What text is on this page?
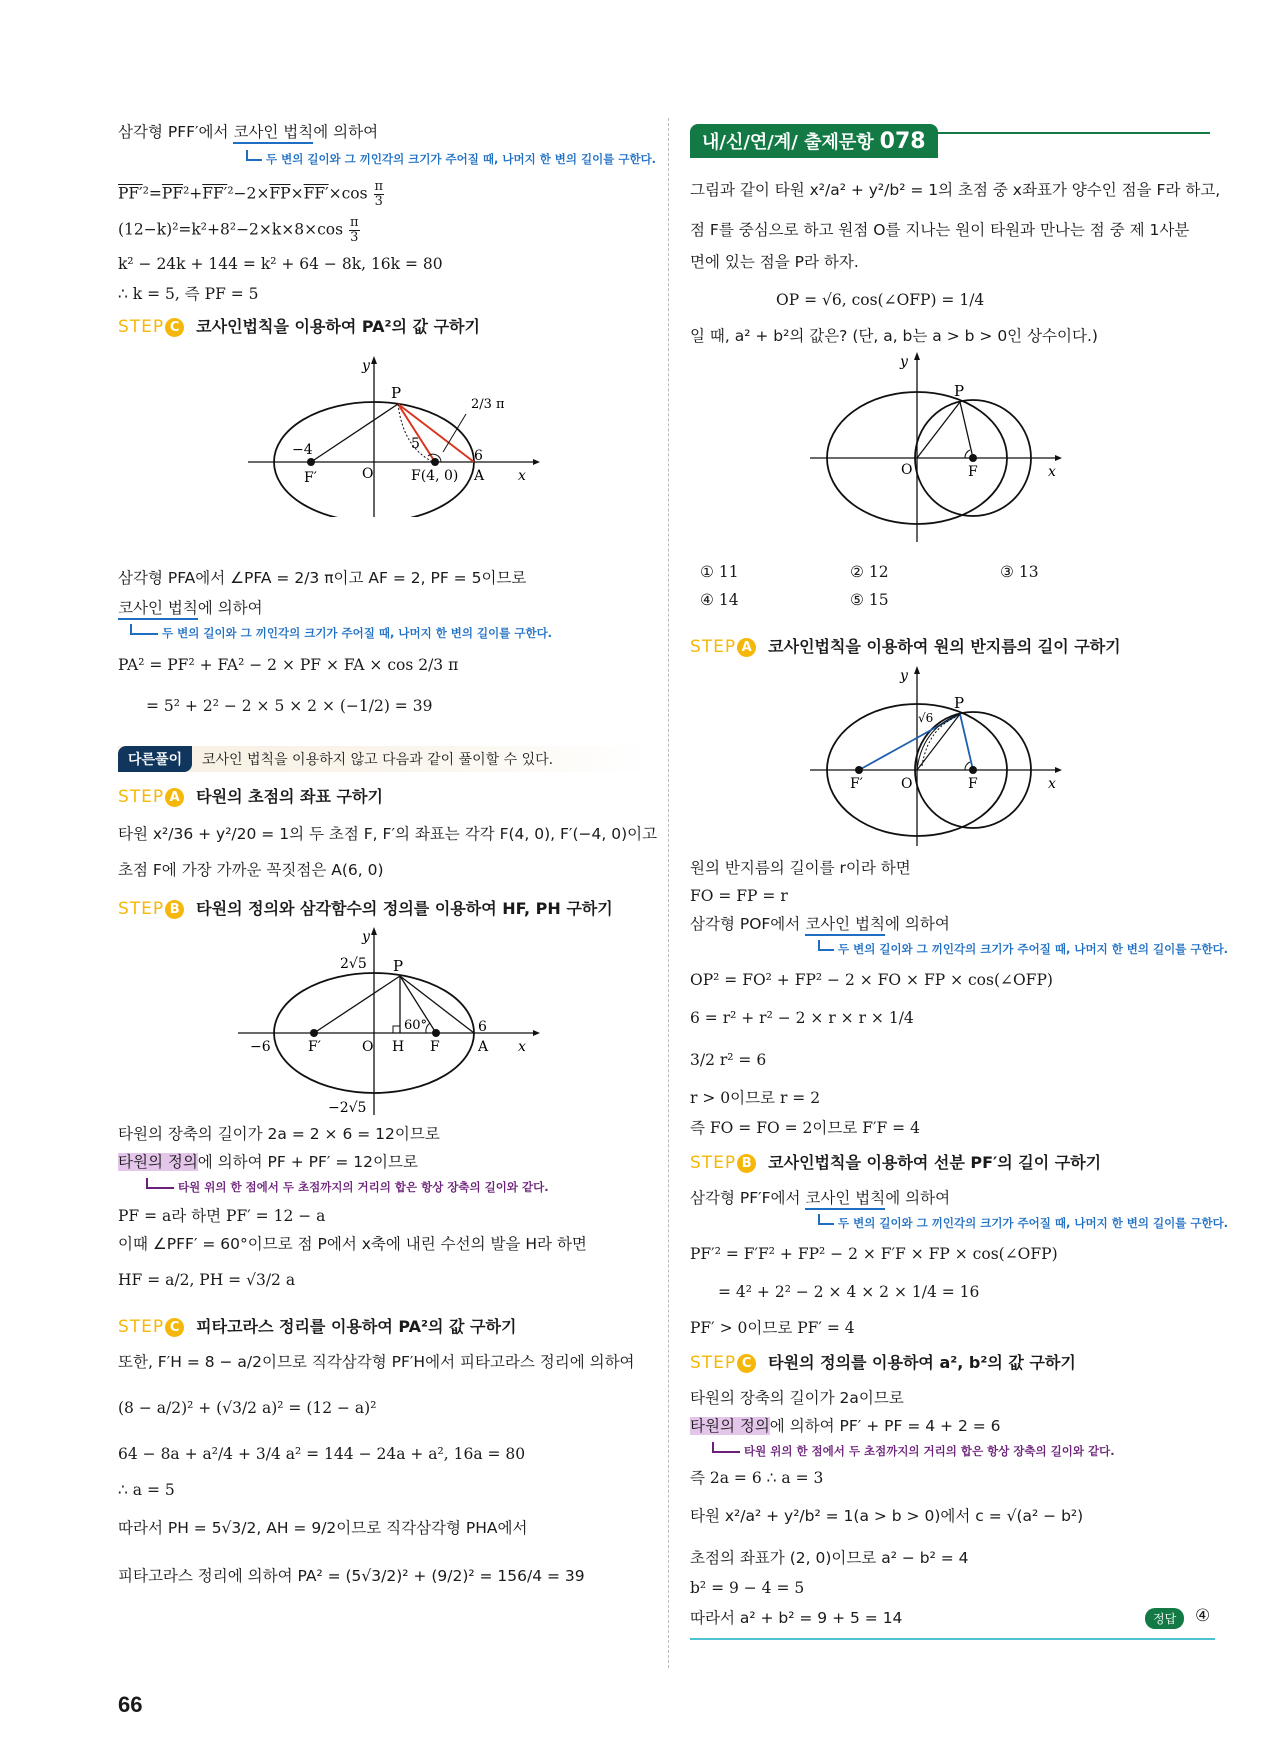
삼각형 PFF′에서 코사인 법칙에 의하여
두 변의 길이와 그 끼인각의 크기가 주어질 때, 나머지 한 변의 길이를 구한다.
$PF'^2=\overline{PF}^2+FF'^2-2\times\overline{FP}\times FF'\times\cos \frac{\pi}{3}$
$(12-k)^2=k^2+8^2-2\times k\times 8\times\cos \frac{\pi}{3}$
k² − 24k + 144 = k² + 64 − 8k, 16k = 80
∴ k = 5, 즉 PF = 5
STEP C 코사인법칙을 이용하여 PA²의 값 구하기
y
P
2/3 π
5
−4	6
F′	O	F(4, 0) A x
삼각형 PFA에서 ∠PFA = 2/3 π이고 AF = 2, PF = 5이므로
코사인 법칙에 의하여
두 변의 길이와 그 끼인각의 크기가 주어질 때, 나머지 한 변의 길이를 구한다.
PA² = PF² + FA² − 2 × PF × FA × cos 2/3 π
= 5² + 2² − 2 × 5 × 2 × (−1/2) = 39
다른풀이	코사인 법칙을 이용하지 않고 다음과 같이 풀이할 수 있다.
STEP A 타원의 초점의 좌표 구하기
타원 x²/36 + y²/20 = 1의 두 초점 F, F′의 좌표는 각각 F(4, 0), F′(−4, 0)이고
초점 F에 가장 가까운 꼭짓점은 A(6, 0)
STEP B 타원의 정의와 삼각함수의 정의를 이용하여 HF, PH 구하기
y
2√5 P
60°
−6	F′	O H F
6
A x
−2√5
타원의 장축의 길이가 2a = 2 × 6 = 12이므로
타원의 정의에 의하여 PF + PF′ = 12이므로
타원 위의 한 점에서 두 초점까지의 거리의 합은 항상 장축의 길이와 같다.
PF = a라 하면 PF′ = 12 − a
이때 ∠PFF′ = 60°이므로 점 P에서 x축에 내린 수선의 발을 H라 하면
HF = a/2, PH = √3/2 a
STEP C 피타고라스 정리를 이용하여 PA²의 값 구하기
또한, F′H = 8 − a/2이므로 직각삼각형 PF′H에서 피타고라스 정리에 의하여
(8 − a/2)² + (√3/2 a)² = (12 − a)²
64 − 8a + a²/4 + 3/4 a² = 144 − 24a + a², 16a = 80
∴ a = 5
따라서 PH = 5√3/2, AH = 9/2이므로 직각삼각형 PHA에서
피타고라스 정리에 의하여 PA² = (5√3/2)² + (9/2)² = 156/4 = 39
내/신/연/계/ 출제문항 078
그림과 같이 타원 x²/a² + y²/b² = 1의 초점 중 x좌표가 양수인 점을 F라 하고,
점 F를 중심으로 하고 원점 O를 지나는 원이 타원과 만나는 점 중 제 1사분
면에 있는 점을 P라 하자.
OP = √6, cos(∠OFP) = 1/4
일 때, a² + b²의 값은? (단, a, b는 a > b > 0인 상수이다.)
y
P
O	F	x
① 11	② 12	③ 13
④ 14	⑤ 15
STEP A 코사인법칙을 이용하여 원의 반지름의 길이 구하기
y
P
√6
F′	O	F	x
원의 반지름의 길이를 r이라 하면
FO = FP = r
삼각형 POF에서 코사인 법칙에 의하여
두 변의 길이와 그 끼인각의 크기가 주어질 때, 나머지 한 변의 길이를 구한다.
OP² = FO² + FP² − 2 × FO × FP × cos(∠OFP)
6 = r² + r² − 2 × r × r × 1/4
3/2 r² = 6
r > 0이므로 r = 2
즉 FO = FO = 2이므로 F′F = 4
STEP B 코사인법칙을 이용하여 선분 PF′의 길이 구하기
삼각형 PF′F에서 코사인 법칙에 의하여
두 변의 길이와 그 끼인각의 크기가 주어질 때, 나머지 한 변의 길이를 구한다.
PF′² = F′F² + FP² − 2 × F′F × FP × cos(∠OFP)
= 4² + 2² − 2 × 4 × 2 × 1/4 = 16
PF′ > 0이므로 PF′ = 4
STEP C 타원의 정의를 이용하여 a², b²의 값 구하기
타원의 장축의 길이가 2a이므로
타원의 정의에 의하여 PF′ + PF = 4 + 2 = 6
타원 위의 한 점에서 두 초점까지의 거리의 합은 항상 장축의 길이와 같다.
즉 2a = 6 ∴ a = 3
타원 x²/a² + y²/b² = 1(a > b > 0)에서 c = √(a² − b²)
초점의 좌표가 (2, 0)이므로 a² − b² = 4
b² = 9 − 4 = 5
따라서 a² + b² = 9 + 5 = 14	정답	④
66
